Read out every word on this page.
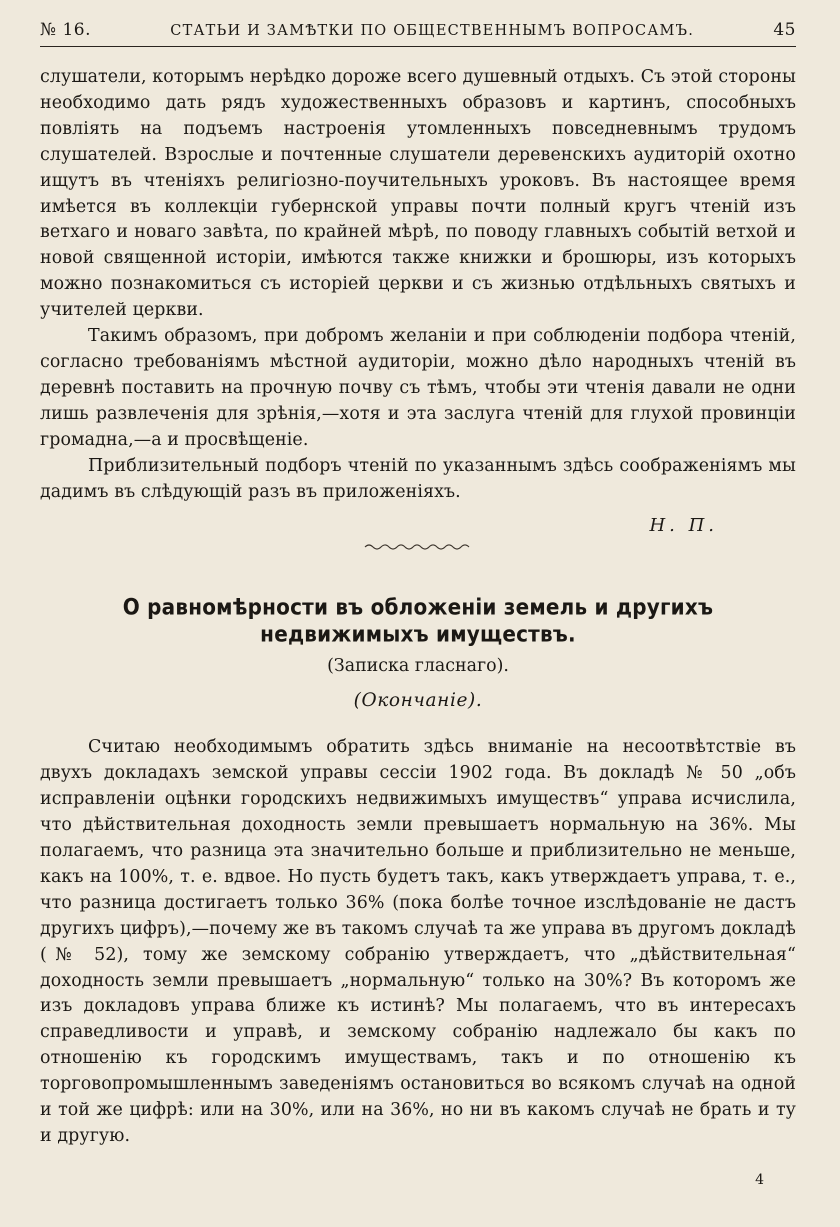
№ 16.	СТАТЬИ И ЗАМѢТКИ ПО ОБЩЕСТВЕННЫМЪ ВОПРОСАМЪ.	45

слушатели, которымъ нерѣдко дороже всего душевный отдыхъ. Съ этой стороны необходимо дать рядъ художественныхъ образовъ и картинъ, способныхъ повліять на подъемъ настроенія утомленныхъ повседневнымъ трудомъ слушателей. Взрослые и почтенные слушатели деревенскихъ аудиторій охотно ищутъ въ чтеніяхъ религіозно-поучительныхъ уроковъ. Въ настоящее время имѣется въ коллекціи губернской управы почти полный кругъ чтеній изъ ветхаго и новаго завѣта, по крайней мѣрѣ, по поводу главныхъ событій ветхой и новой священной исторіи, имѣются также книжки и брошюры, изъ которыхъ можно познакомиться съ исторіей церкви и съ жизнью отдѣльныхъ святыхъ и учителей церкви.

Такимъ образомъ, при добромъ желаніи и при соблюденіи подбора чтеній, согласно требованіямъ мѣстной аудиторіи, можно дѣло народныхъ чтеній въ деревнѣ поставить на прочную почву съ тѣмъ, чтобы эти чтенія давали не одни лишь развлеченія для зрѣнія,—хотя и эта заслуга чтеній для глухой провинціи громадна,—а и просвѣщеніе.

Приблизительный подборъ чтеній по указаннымъ здѣсь соображеніямъ мы дадимъ въ слѣдующій разъ въ приложеніяхъ.

Н. П.
О равномѣрности въ обложеніи земель и другихъ недвижимыхъ имуществъ.
(Записка гласнаго).
(Окончаніе).

Считаю необходимымъ обратить здѣсь вниманіе на несоотвѣтствіе въ двухъ докладахъ земской управы сессіи 1902 года. Въ докладѣ № 50 „объ исправленіи оцѣнки городскихъ недвижимыхъ имуществъ“ управа исчислила, что дѣйствительная доходность земли превышаетъ нормальную на 36%. Мы полагаемъ, что разница эта значительно больше и приблизительно не меньше, какъ на 100%, т. е. вдвое. Но пусть будетъ такъ, какъ утверждаетъ управа, т. е., что разница достигаетъ только 36% (пока болѣе точное изслѣдованіе не дастъ другихъ цифръ),—почему же въ такомъ случаѣ та же управа въ другомъ докладѣ (№ 52), тому же земскому собранію утверждаетъ, что „дѣйствительная“ доходность земли превышаетъ „нормальную“ только на 30%? Въ которомъ же изъ докладовъ управа ближе къ истинѣ? Мы полагаемъ, что въ интересахъ справедливости и управѣ, и земскому собранію надлежало бы какъ по отношенію къ городскимъ имуществамъ, такъ и по отношенію къ торговопромышленнымъ заведеніямъ остановиться во всякомъ случаѣ на одной и той же цифрѣ: или на 30%, или на 36%, но ни въ какомъ случаѣ не брать и ту и другую.

4
